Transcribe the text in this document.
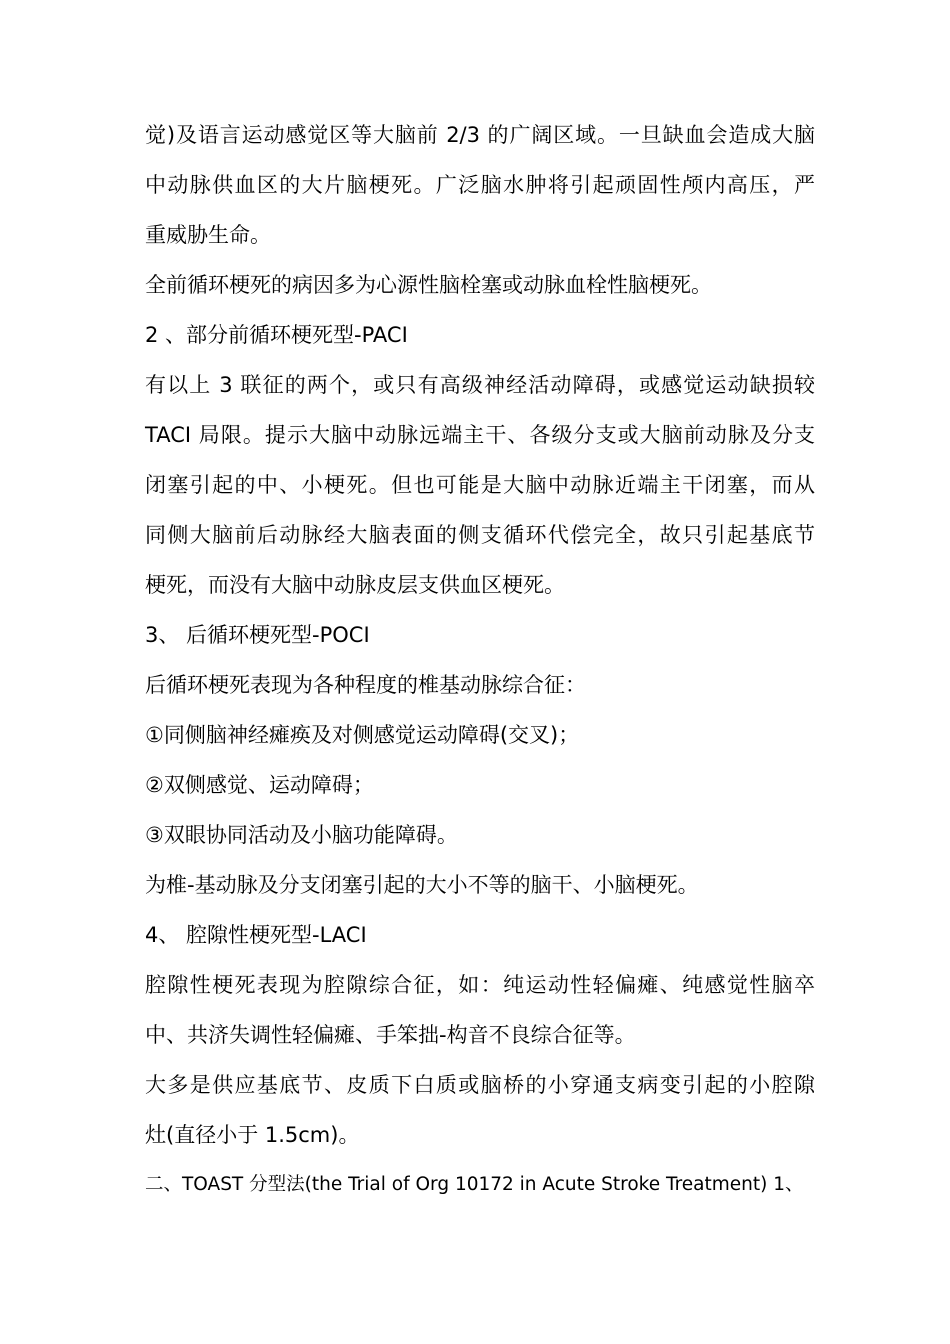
觉)及语言运动感觉区等大脑前 2/3 的广阔区域。一旦缺血会造成大脑
中动脉供血区的大片脑梗死。广泛脑水肿将引起顽固性颅内高压，严
重威胁生命。
全前循环梗死的病因多为心源性脑栓塞或动脉血栓性脑梗死。
2 、部分前循环梗死型-PACI
有以上 3 联征的两个，或只有高级神经活动障碍，或感觉运动缺损较
TACI 局限。提示大脑中动脉远端主干、各级分支或大脑前动脉及分支
闭塞引起的中、小梗死。但也可能是大脑中动脉近端主干闭塞，而从
同侧大脑前后动脉经大脑表面的侧支循环代偿完全，故只引起基底节
梗死，而没有大脑中动脉皮层支供血区梗死。
3、 后循环梗死型-POCI
后循环梗死表现为各种程度的椎基动脉综合征：
①同侧脑神经瘫痪及对侧感觉运动障碍(交叉)；
②双侧感觉、运动障碍；
③双眼协同活动及小脑功能障碍。
为椎-基动脉及分支闭塞引起的大小不等的脑干、小脑梗死。
4、 腔隙性梗死型-LACI
腔隙性梗死表现为腔隙综合征，如：纯运动性轻偏瘫、纯感觉性脑卒
中、共济失调性轻偏瘫、手笨拙-构音不良综合征等。
大多是供应基底节、皮质下白质或脑桥的小穿通支病变引起的小腔隙
灶(直径小于 1.5cm)。
二、TOAST 分型法(the Trial of Org 10172 in Acute Stroke Treatment) 1、
